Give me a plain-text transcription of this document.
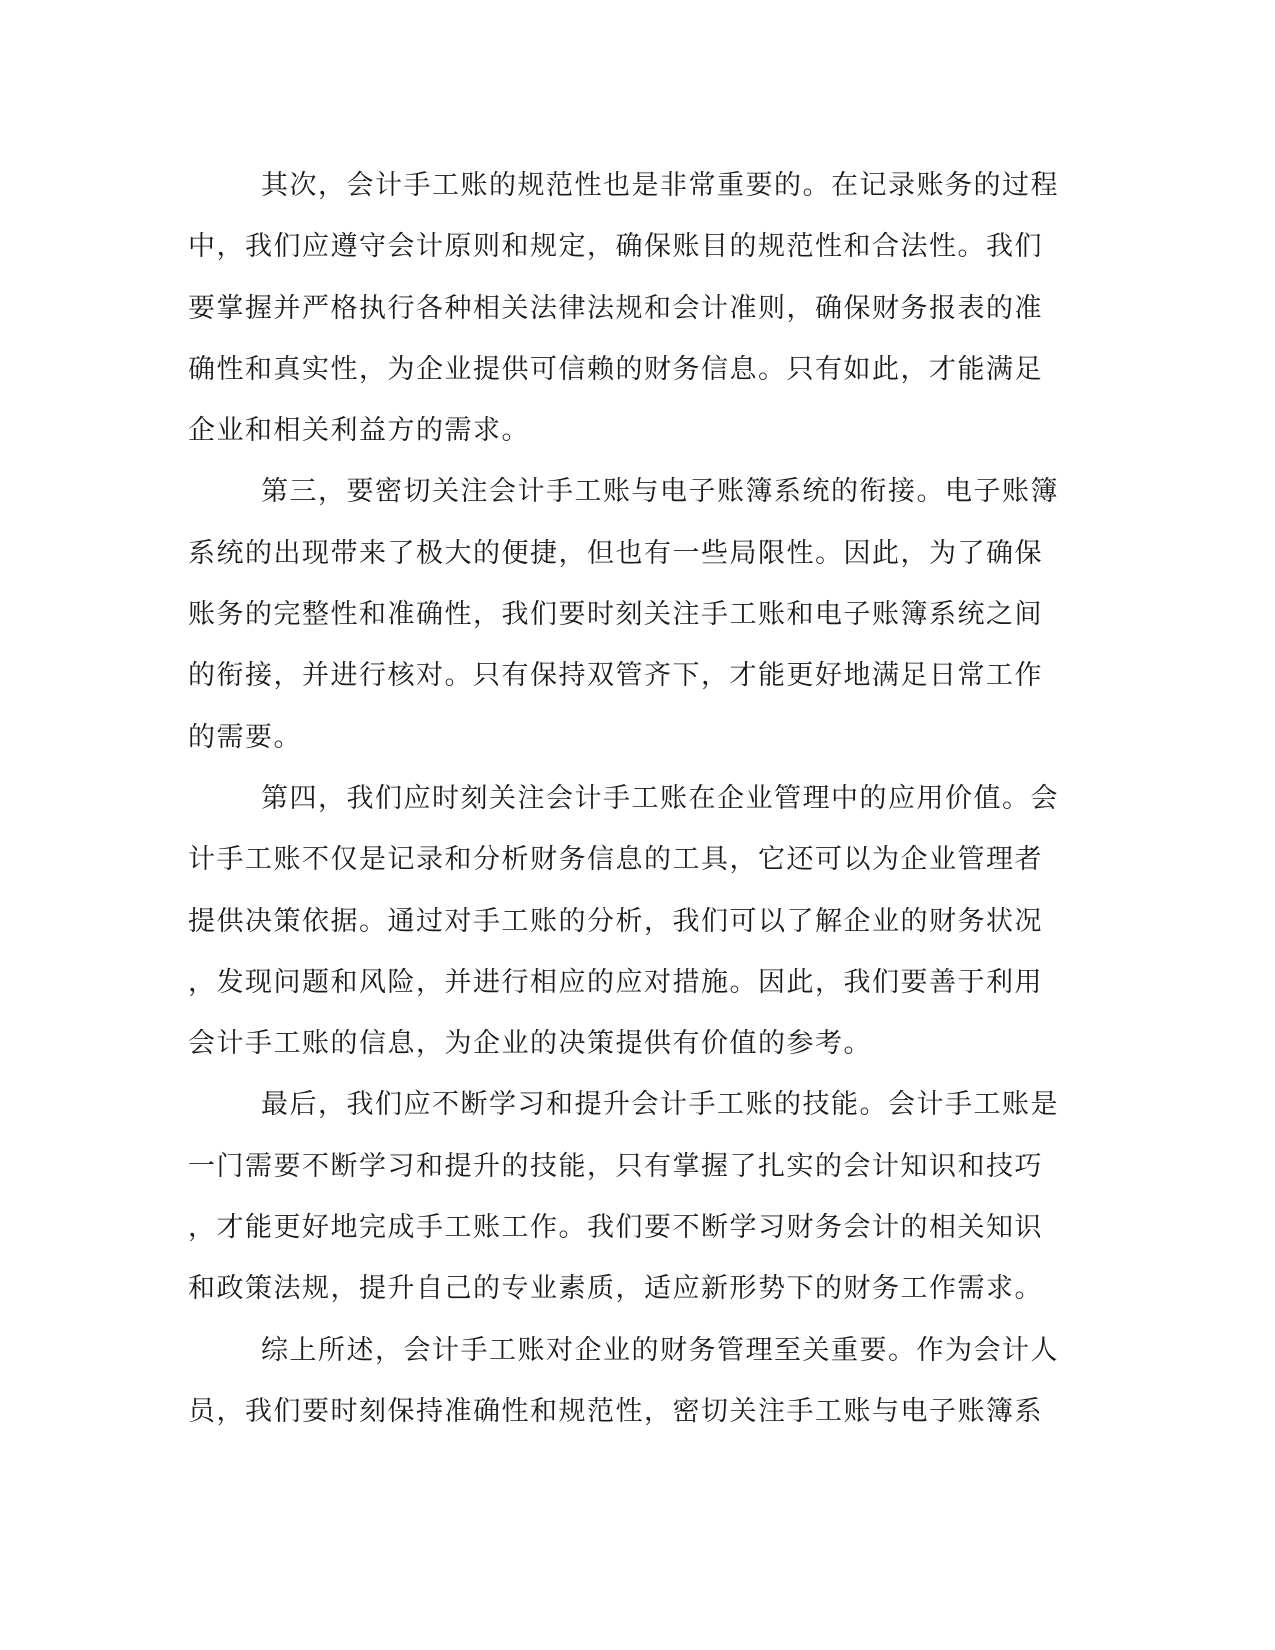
其次，会计手工账的规范性也是非常重要的。在记录账务的过程
中，我们应遵守会计原则和规定，确保账目的规范性和合法性。我们
要掌握并严格执行各种相关法律法规和会计准则，确保财务报表的准
确性和真实性，为企业提供可信赖的财务信息。只有如此，才能满足
企业和相关利益方的需求。

第三，要密切关注会计手工账与电子账簿系统的衔接。电子账簿
系统的出现带来了极大的便捷，但也有一些局限性。因此，为了确保
账务的完整性和准确性，我们要时刻关注手工账和电子账簿系统之间
的衔接，并进行核对。只有保持双管齐下，才能更好地满足日常工作
的需要。

第四，我们应时刻关注会计手工账在企业管理中的应用价值。会
计手工账不仅是记录和分析财务信息的工具，它还可以为企业管理者
提供决策依据。通过对手工账的分析，我们可以了解企业的财务状况
，发现问题和风险，并进行相应的应对措施。因此，我们要善于利用
会计手工账的信息，为企业的决策提供有价值的参考。

最后，我们应不断学习和提升会计手工账的技能。会计手工账是
一门需要不断学习和提升的技能，只有掌握了扎实的会计知识和技巧
，才能更好地完成手工账工作。我们要不断学习财务会计的相关知识
和政策法规，提升自己的专业素质，适应新形势下的财务工作需求。

综上所述，会计手工账对企业的财务管理至关重要。作为会计人
员，我们要时刻保持准确性和规范性，密切关注手工账与电子账簿系
